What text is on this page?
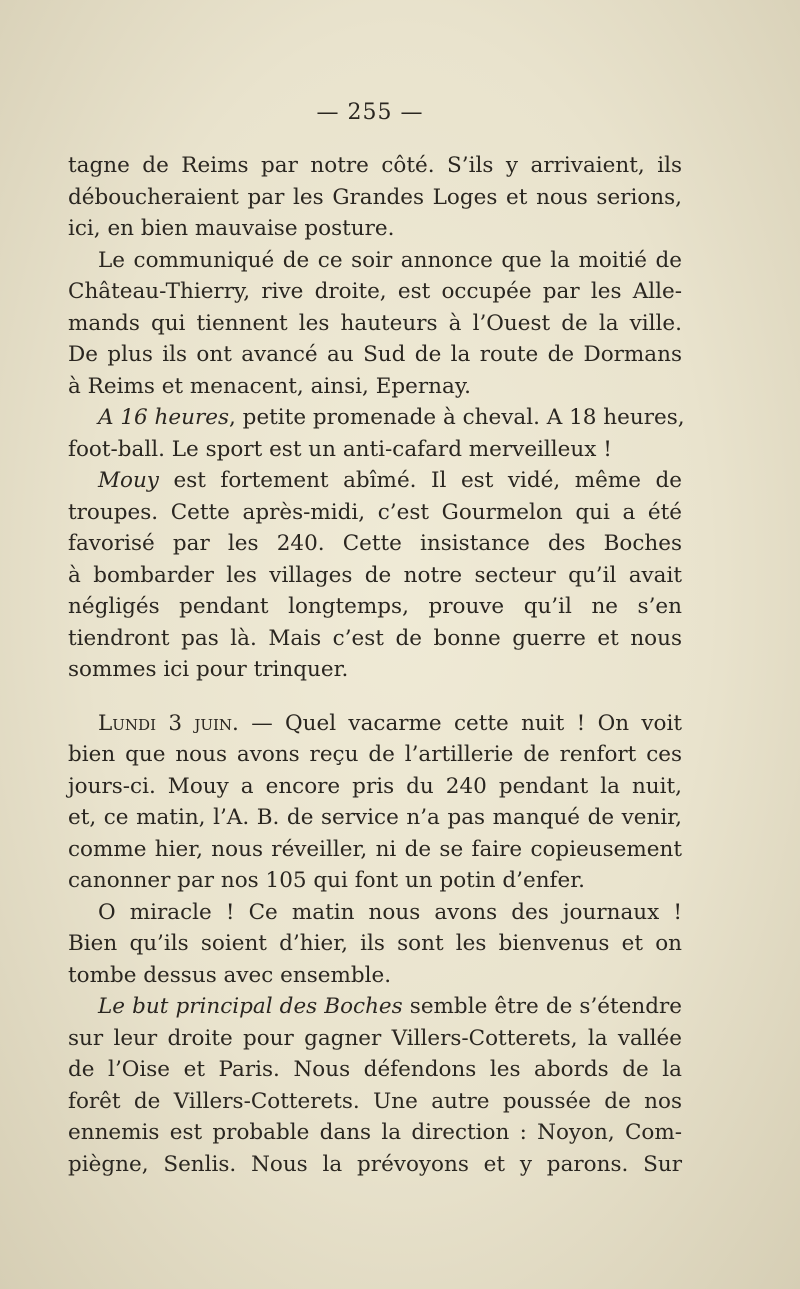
— 255 —
tagne de Reims par notre côté. S’ils y arrivaient, ils
déboucheraient par les Grandes Loges et nous serions,
ici, en bien mauvaise posture.
Le communiqué de ce soir annonce que la moitié de
Château-Thierry, rive droite, est occupée par les Alle-
mands qui tiennent les hauteurs à l’Ouest de la ville.
De plus ils ont avancé au Sud de la route de Dormans
à Reims et menacent, ainsi, Epernay.
A 16 heures, petite promenade à cheval. A 18 heures,
foot-ball. Le sport est un anti-cafard merveilleux !
Mouy est fortement abîmé. Il est vidé, même de
troupes. Cette après-midi, c’est Gourmelon qui a été
favorisé par les 240. Cette insistance des Boches
à bombarder les villages de notre secteur qu’il avait
négligés pendant longtemps, prouve qu’il ne s’en
tiendront pas là. Mais c’est de bonne guerre et nous
sommes ici pour trinquer.
Lundi 3 juin. — Quel vacarme cette nuit ! On voit
bien que nous avons reçu de l’artillerie de renfort ces
jours-ci. Mouy a encore pris du 240 pendant la nuit,
et, ce matin, l’A. B. de service n’a pas manqué de venir,
comme hier, nous réveiller, ni de se faire copieusement
canonner par nos 105 qui font un potin d’enfer.
O miracle ! Ce matin nous avons des journaux !
Bien qu’ils soient d’hier, ils sont les bienvenus et on
tombe dessus avec ensemble.
Le but principal des Boches semble être de s’étendre
sur leur droite pour gagner Villers-Cotterets, la vallée
de l’Oise et Paris. Nous défendons les abords de la
forêt de Villers-Cotterets. Une autre poussée de nos
ennemis est probable dans la direction : Noyon, Com-
piègne, Senlis. Nous la prévoyons et y parons. Sur
